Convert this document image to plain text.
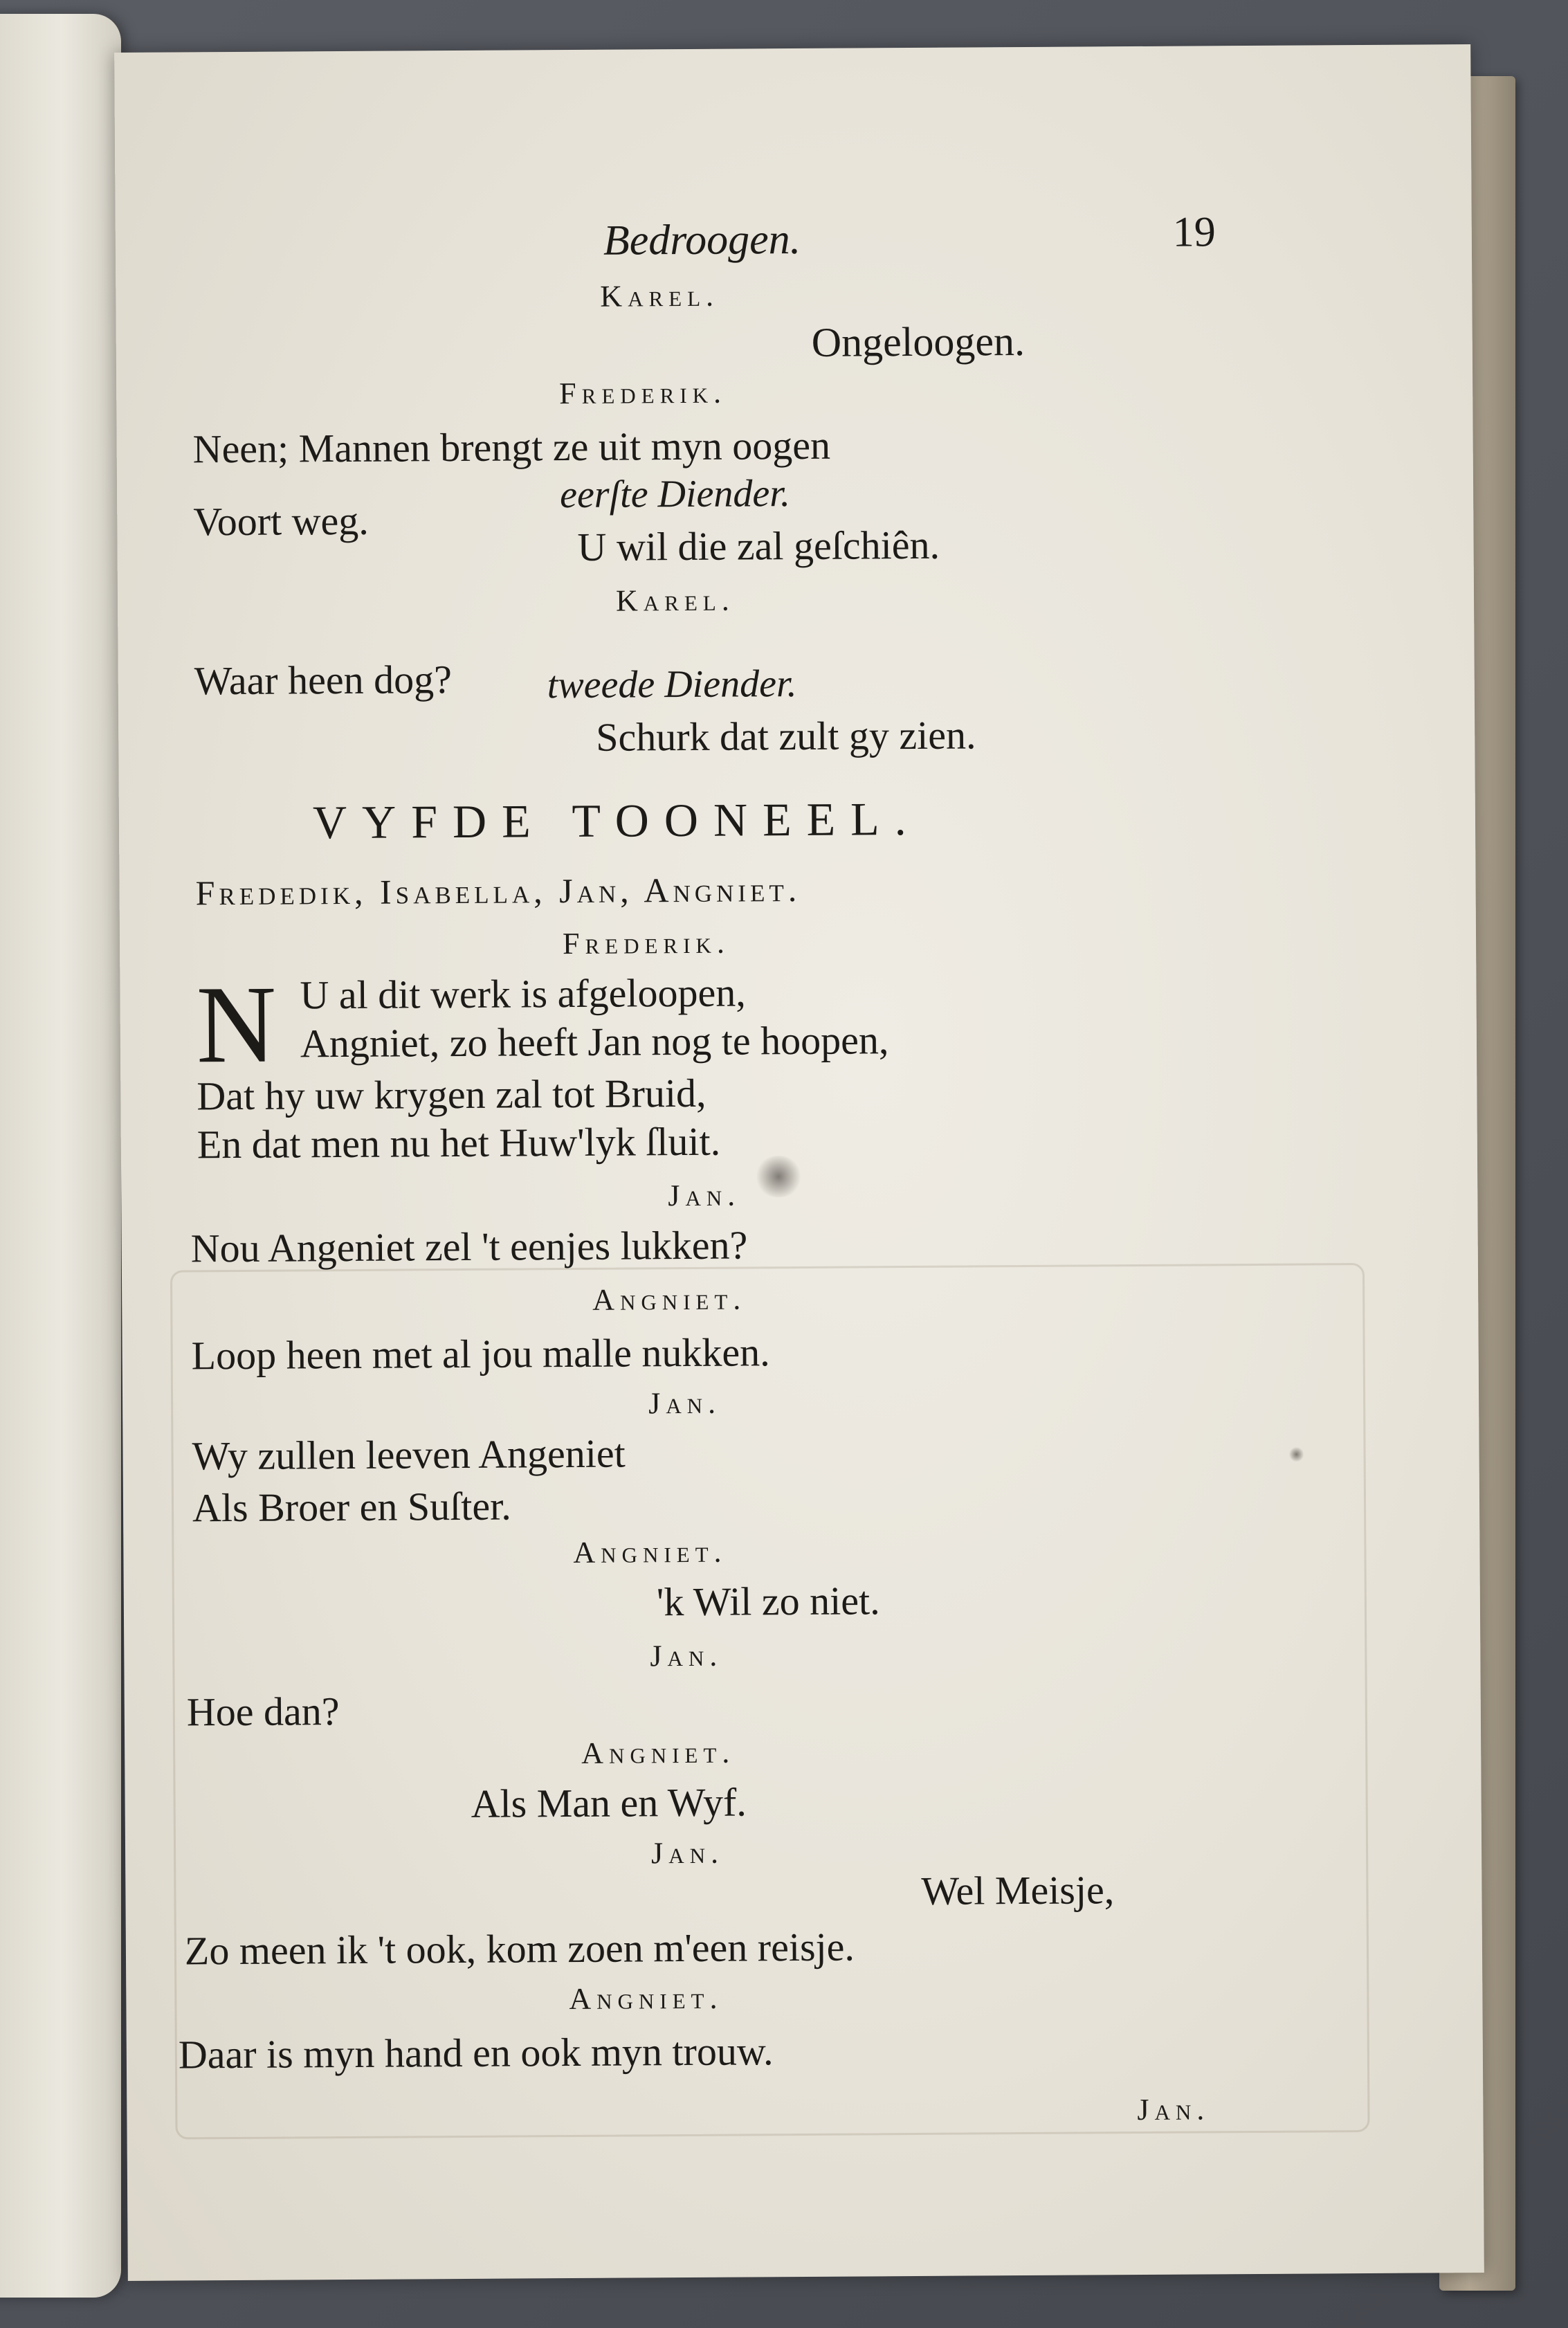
Bedroogen.	19
Karel.
Ongeloogen.
Frederik.
Neen; Mannen brengt ze uit myn oogen
Voort weg.
eerſte Diender.
U wil die zal geſchiên.
Karel.
Waar heen dog? tweede Diender.
Schurk dat zult gy zien.
VYFDE TOONEEL.
Frededik, Isabella, Jan, Angniet.
Frederik.
N U al dit werk is afgeloopen,
Angniet, zo heeft Jan nog te hoopen,
Dat hy uw krygen zal tot Bruid,
En dat men nu het Huw'lyk ſluit.
Jan.
Nou Angeniet zel 't eenjes lukken?
Angniet.
Loop heen met al jou malle nukken.
Jan.
Wy zullen leeven Angeniet
Als Broer en Suſter.
Angniet.
'k Wil zo niet.
Jan.
Hoe dan?
Angniet.
Als Man en Wyf.
Jan.
Wel Meisje,
Zo meen ik 't ook, kom zoen m'een reisje.
Angniet.
Daar is myn hand en ook myn trouw.
Jan.
